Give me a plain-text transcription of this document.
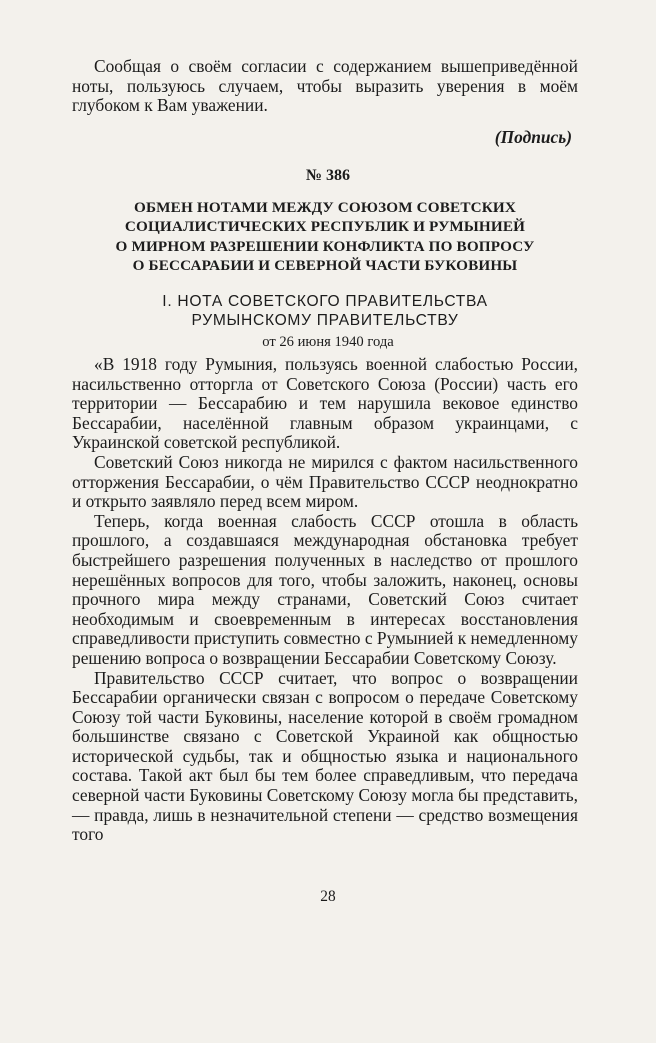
Сообщая о своём согласии с содержанием вышеприведённой ноты, пользуюсь случаем, чтобы выразить уверения в моём глубоком к Вам уважении.

(Подпись)
№ 386
ОБМЕН НОТАМИ МЕЖДУ СОЮЗОМ СОВЕТСКИХ
СОЦИАЛИСТИЧЕСКИХ РЕСПУБЛИК И РУМЫНИЕЙ
О МИРНОМ РАЗРЕШЕНИИ КОНФЛИКТА ПО ВОПРОСУ
О БЕССАРАБИИ И СЕВЕРНОЙ ЧАСТИ БУКОВИНЫ
I. НОТА СОВЕТСКОГО ПРАВИТЕЛЬСТВА
РУМЫНСКОМУ ПРАВИТЕЛЬСТВУ
от 26 июня 1940 года

«В 1918 году Румыния, пользуясь военной слабостью России, насильственно отторгла от Советского Союза (России) часть его территории — Бессарабию и тем нарушила вековое единство Бессарабии, населённой главным образом украинцами, с Украинской советской республикой.

Советский Союз никогда не мирился с фактом насильственного отторжения Бессарабии, о чём Правительство СССР неоднократно и открыто заявляло перед всем миром.

Теперь, когда военная слабость СССР отошла в область прошлого, а создавшаяся международная обстановка требует быстрейшего разрешения полученных в наследство от прошлого нерешённых вопросов для того, чтобы заложить, наконец, основы прочного мира между странами, Советский Союз считает необходимым и своевременным в интересах восстановления справедливости приступить совместно с Румынией к немедленному решению вопроса о возвращении Бессарабии Советскому Союзу.

Правительство СССР считает, что вопрос о возвращении Бессарабии органически связан с вопросом о передаче Советскому Союзу той части Буковины, население которой в своём громадном большинстве связано с Советской Украиной как общностью исторической судьбы, так и общностью языка и национального состава. Такой акт был бы тем более справедливым, что передача северной части Буковины Советскому Союзу могла бы представить, — правда, лишь в незначительной степени — средство возмещения того

28
